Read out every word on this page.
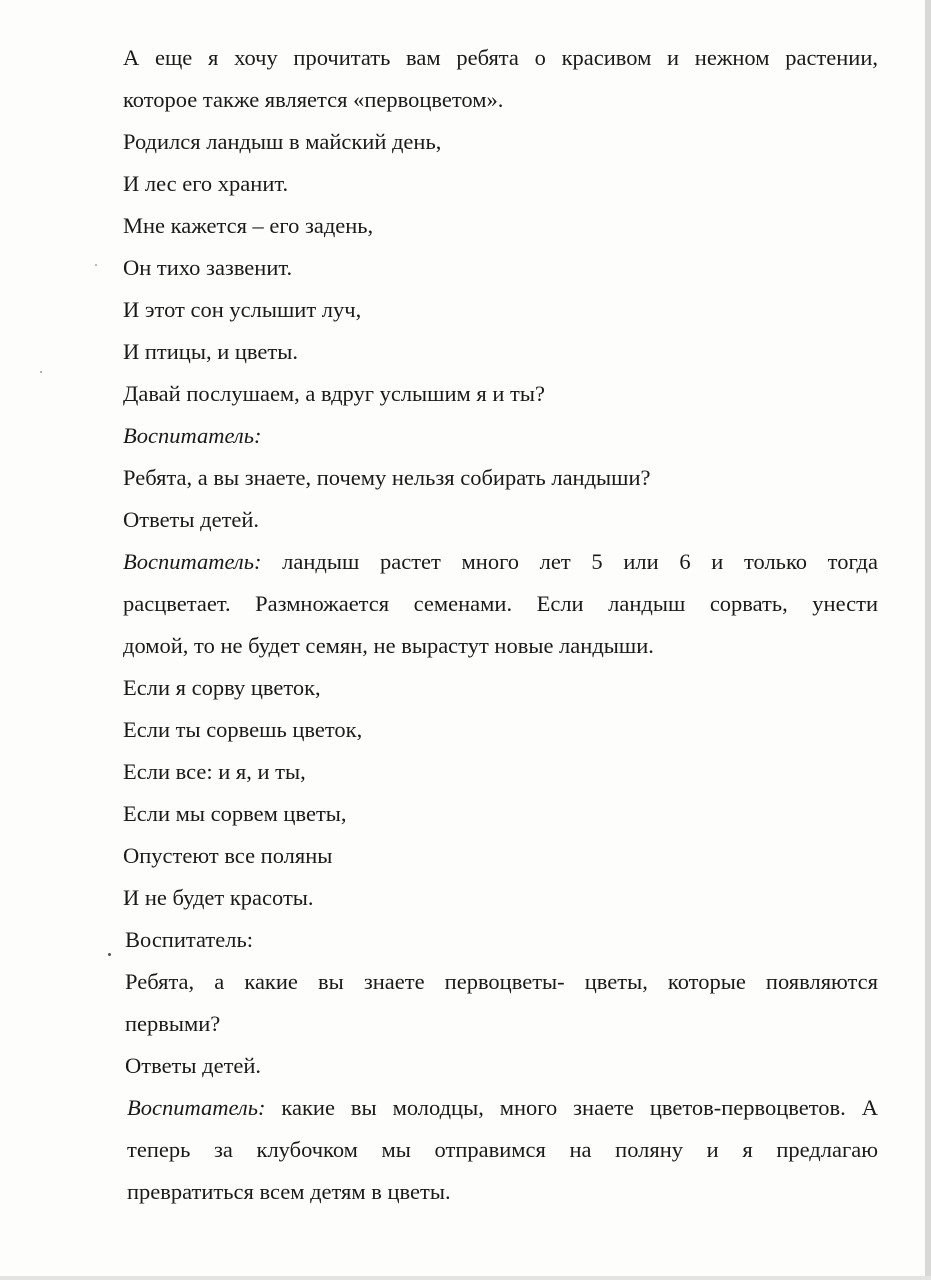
А еще я хочу прочитать вам ребята о красивом и нежном растении,
которое также является «первоцветом».
Родился ландыш в майский день,
И лес его хранит.
Мне кажется – его задень,
Он тихо зазвенит.
И этот сон услышит луч,
И птицы, и цветы.
Давай послушаем, а вдруг услышим я и ты?
Воспитатель:
Ребята, а вы знаете, почему нельзя собирать ландыши?
Ответы детей.
Воспитатель: ландыш растет много лет 5 или 6 и только тогда
расцветает. Размножается семенами. Если ландыш сорвать, унести
домой, то не будет семян, не вырастут новые ландыши.
Если я сорву цветок,
Если ты сорвешь цветок,
Если все: и я, и ты,
Если мы сорвем цветы,
Опустеют все поляны
И не будет красоты.
Воспитатель:
Ребята, а какие вы знаете первоцветы- цветы, которые появляются
первыми?
Ответы детей.
Воспитатель: какие вы молодцы, много знаете цветов-первоцветов. А
теперь за клубочком мы отправимся на поляну и я предлагаю
превратиться всем детям в цветы.
